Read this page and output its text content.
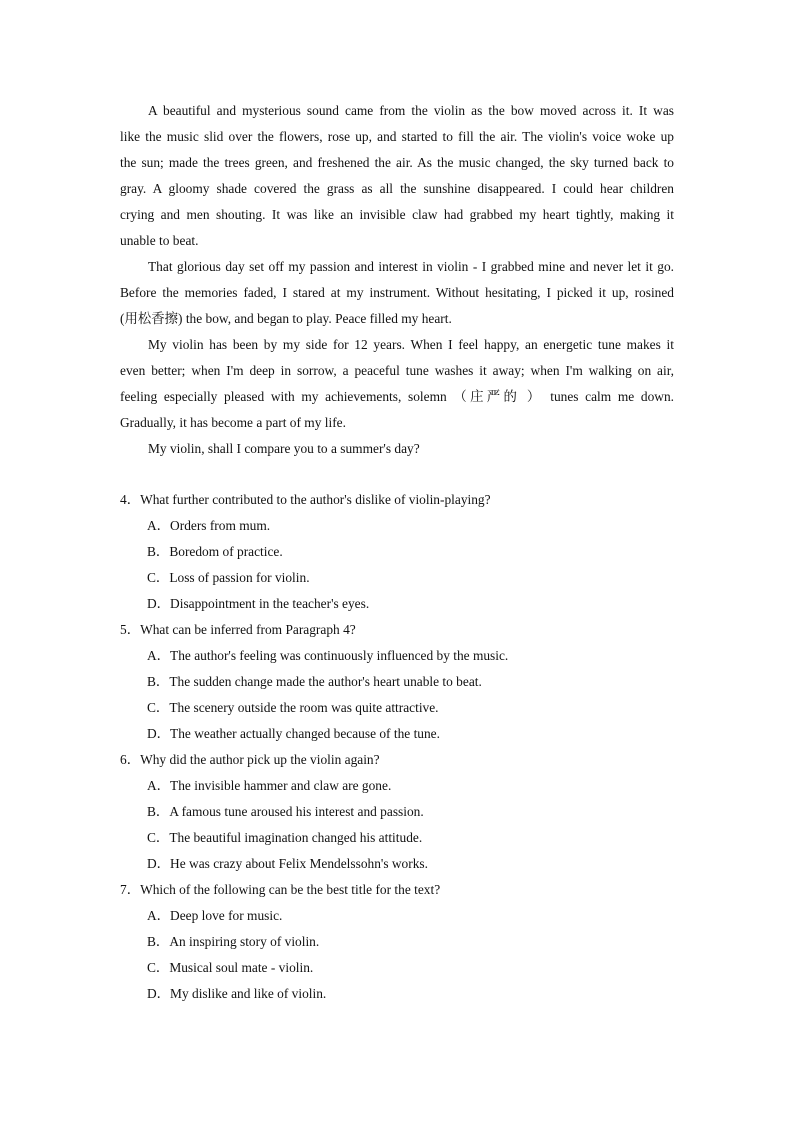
A beautiful and mysterious sound came from the violin as the bow moved across it. It was
like the music slid over the flowers, rose up, and started to fill the air. The violin's voice woke up
the sun; made the trees green, and freshened the air. As the music changed, the sky turned back to
gray. A gloomy shade covered the grass as all the sunshine disappeared. I could hear children
crying and men shouting. It was like an invisible claw had grabbed my heart tightly, making it
unable to beat.

That glorious day set off my passion and interest in violin - I grabbed mine and never let it go.
Before the memories faded, I stared at my instrument. Without hesitating, I picked it up, rosined
(用松香擦) the bow, and began to play. Peace filled my heart.

My violin has been by my side for 12 years. When I feel happy, an energetic tune makes it
even better; when I'm deep in sorrow, a peaceful tune washes it away; when I'm walking on air,
feeling especially pleased with my achievements, solemn （庄严的 ） tunes calm me down.
Gradually, it has become a part of my life.

My violin, shall I compare you to a summer's day?

4．What further contributed to the author's dislike of violin-playing?
A．Orders from mum.
B．Boredom of practice.
C．Loss of passion for violin.
D．Disappointment in the teacher's eyes.
5．What can be inferred from Paragraph 4?
A．The author's feeling was continuously influenced by the music.
B．The sudden change made the author's heart unable to beat.
C．The scenery outside the room was quite attractive.
D．The weather actually changed because of the tune.
6．Why did the author pick up the violin again?
A．The invisible hammer and claw are gone.
B．A famous tune aroused his interest and passion.
C．The beautiful imagination changed his attitude.
D．He was crazy about Felix Mendelssohn's works.
7．Which of the following can be the best title for the text?
A．Deep love for music.
B．An inspiring story of violin.
C．Musical soul mate - violin.
D．My dislike and like of violin.
